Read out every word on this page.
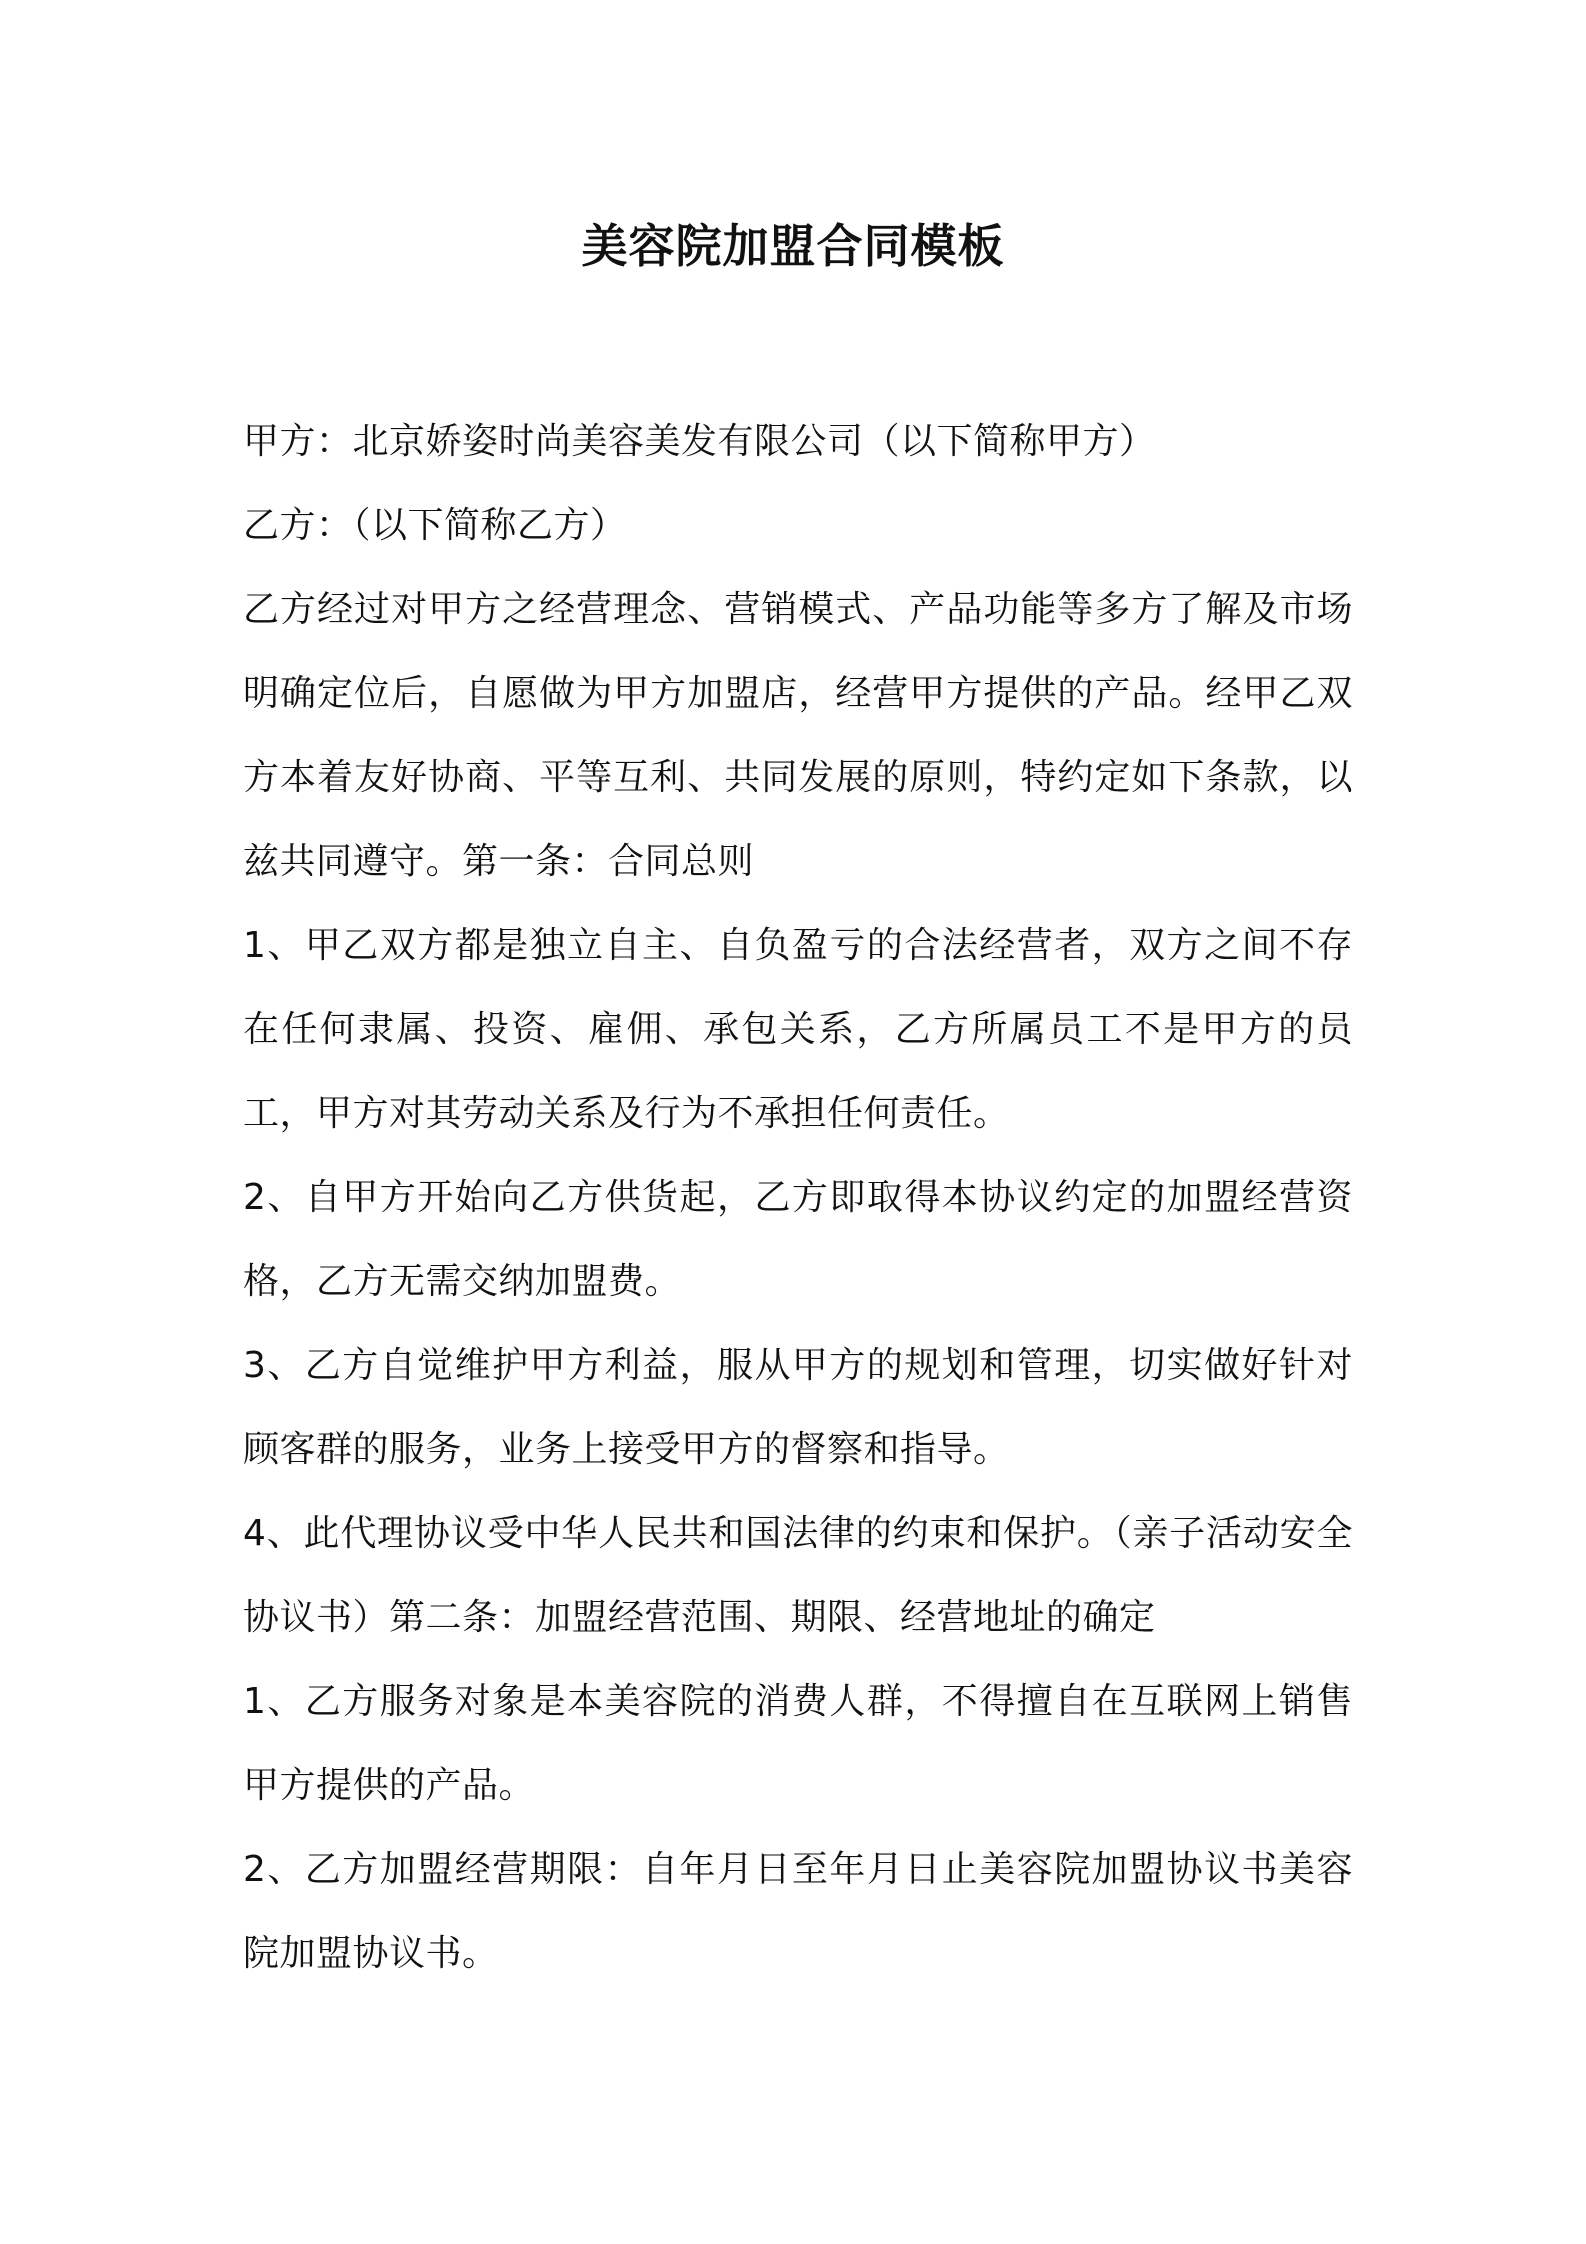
美容院加盟合同模板

甲方：北京娇姿时尚美容美发有限公司（以下简称甲方）

乙方：（以下简称乙方）

乙方经过对甲方之经营理念、营销模式、产品功能等多方了解及市场明确定位后，自愿做为甲方加盟店，经营甲方提供的产品。经甲乙双方本着友好协商、平等互利、共同发展的原则，特约定如下条款，以兹共同遵守。第一条：合同总则

1、甲乙双方都是独立自主、自负盈亏的合法经营者，双方之间不存在任何隶属、投资、雇佣、承包关系，乙方所属员工不是甲方的员工，甲方对其劳动关系及行为不承担任何责任。

2、自甲方开始向乙方供货起，乙方即取得本协议约定的加盟经营资格，乙方无需交纳加盟费。

3、乙方自觉维护甲方利益，服从甲方的规划和管理，切实做好针对顾客群的服务，业务上接受甲方的督察和指导。

4、此代理协议受中华人民共和国法律的约束和保护。（亲子活动安全协议书）第二条：加盟经营范围、期限、经营地址的确定

1、乙方服务对象是本美容院的消费人群，不得擅自在互联网上销售甲方提供的产品。

2、乙方加盟经营期限：自年月日至年月日止美容院加盟协议书美容院加盟协议书。
